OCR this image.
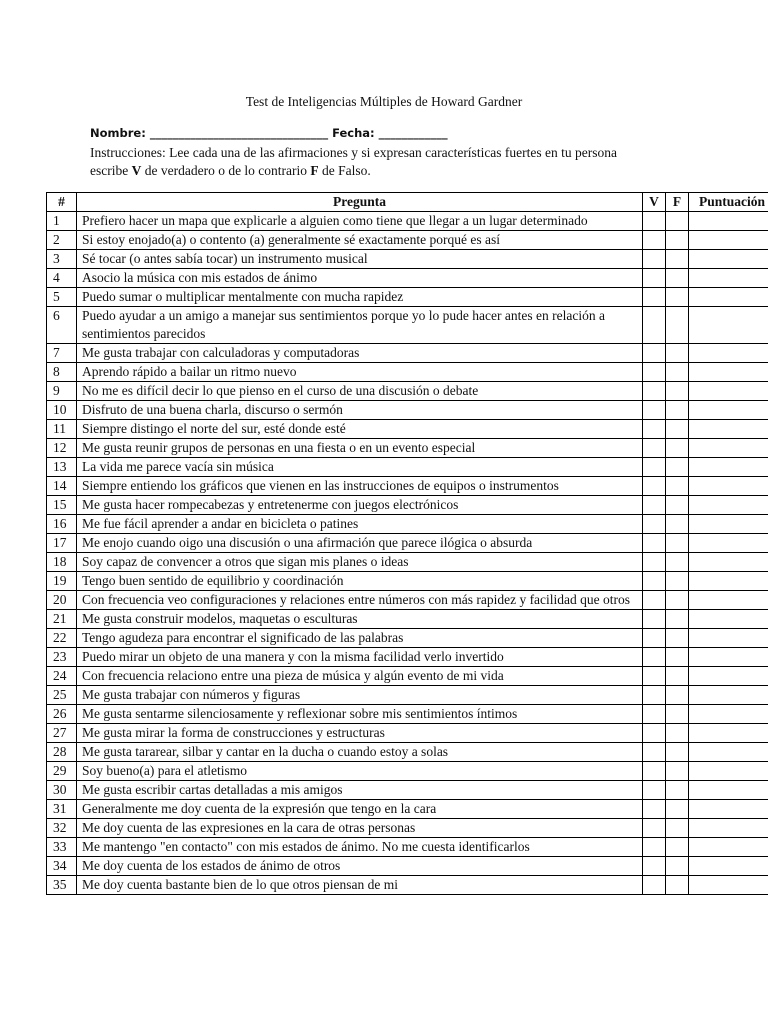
Test de Inteligencias Múltiples de Howard Gardner
Nombre: _______________________________ Fecha: ____________
Instrucciones: Lee cada una de las afirmaciones y si expresan características fuertes en tu persona escribe V de verdadero o de lo contrario F de Falso.
#	Pregunta	V	F	Puntuación
1	Prefiero hacer un mapa que explicarle a alguien como tiene que llegar a un lugar determinado			
2	Si estoy enojado(a) o contento (a) generalmente sé exactamente porqué es así			
3	Sé tocar (o antes sabía tocar) un instrumento musical			
4	Asocio la música con mis estados de ánimo			
5	Puedo sumar o multiplicar mentalmente con mucha rapidez			
6	Puedo ayudar a un amigo a manejar sus sentimientos porque yo lo pude hacer antes en relación a sentimientos parecidos			
7	Me gusta trabajar con calculadoras y computadoras			
8	Aprendo rápido a bailar un ritmo nuevo			
9	No me es difícil decir lo que pienso en el curso de una discusión o debate			
10	Disfruto de una buena charla, discurso o sermón			
11	Siempre distingo el norte del sur, esté donde esté			
12	Me gusta reunir grupos de personas en una fiesta o en un evento especial			
13	La vida me parece vacía sin música			
14	Siempre entiendo los gráficos que vienen en las instrucciones de equipos o instrumentos			
15	Me gusta hacer rompecabezas y entretenerme con juegos electrónicos			
16	Me fue fácil aprender a andar en bicicleta o patines			
17	Me enojo cuando oigo una discusión o una afirmación que parece ilógica o absurda			
18	Soy capaz de convencer a otros que sigan mis planes o ideas			
19	Tengo buen sentido de equilibrio y coordinación			
20	Con frecuencia veo configuraciones y relaciones entre números con más rapidez y facilidad que otros			
21	Me gusta construir modelos, maquetas o esculturas			
22	Tengo agudeza para encontrar el significado de las palabras			
23	Puedo mirar un objeto de una manera y con la misma facilidad verlo invertido			
24	Con frecuencia relaciono entre una pieza de música y algún evento de mi vida			
25	Me gusta trabajar con números y figuras			
26	Me gusta sentarme silenciosamente y reflexionar sobre mis sentimientos íntimos			
27	Me gusta mirar la forma de construcciones y estructuras			
28	Me gusta tararear, silbar y cantar en la ducha o cuando estoy a solas			
29	Soy bueno(a) para el atletismo			
30	Me gusta escribir cartas detalladas a mis amigos			
31	Generalmente me doy cuenta de la expresión que tengo en la cara			
32	Me doy cuenta de las expresiones en la cara de otras personas			
33	Me mantengo "en contacto" con mis estados de ánimo. No me cuesta identificarlos			
34	Me doy cuenta de los estados de ánimo de otros			
35	Me doy cuenta bastante bien de lo que otros piensan de mi			
